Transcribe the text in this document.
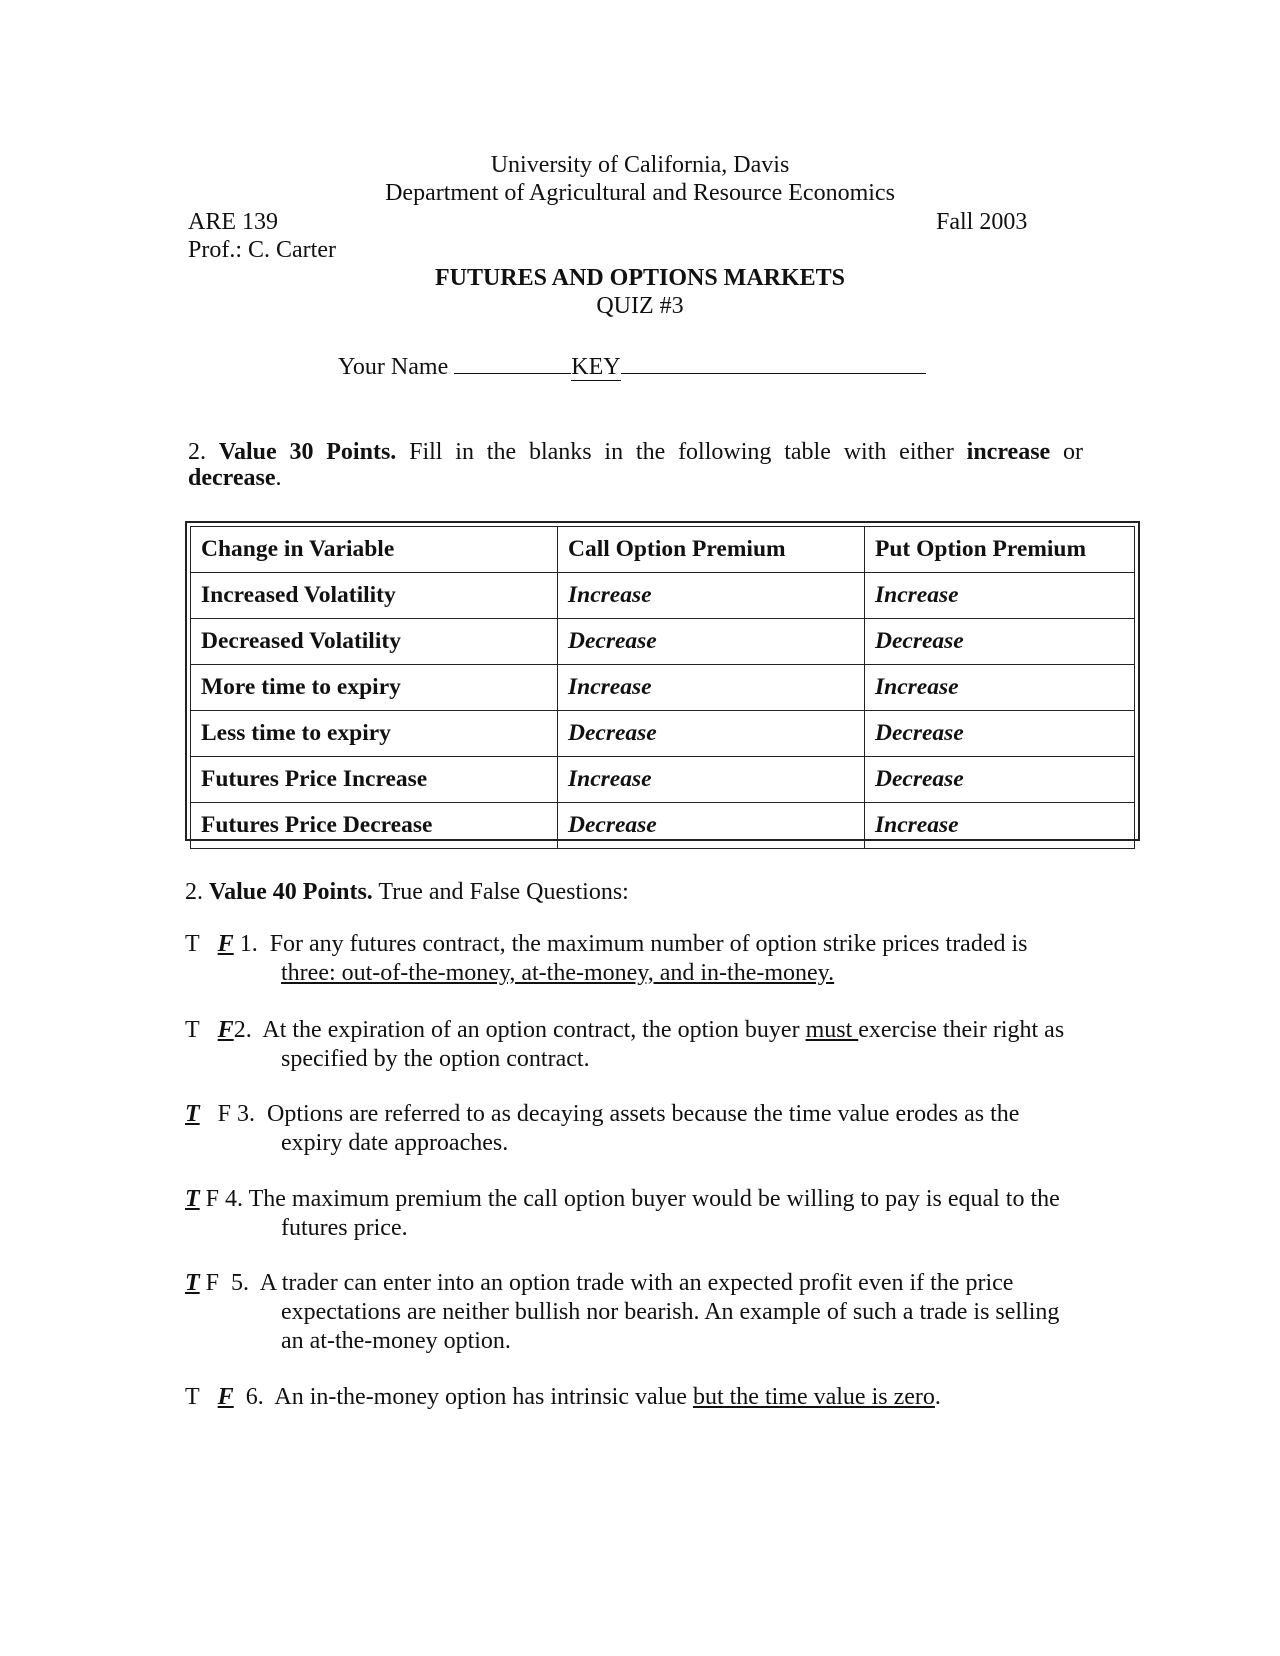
University of California, Davis
Department of Agricultural and Resource Economics
ARE 139	Fall 2003
Prof.: C. Carter
FUTURES AND OPTIONS MARKETS
QUIZ #3
Your Name	KEY
2. Value 30 Points. Fill in the blanks in the following table with either increase or
decrease.
Change in Variable	Call Option Premium	Put Option Premium
Increased Volatility	Increase	Increase
Decreased Volatility	Decrease	Decrease
More time to expiry	Increase	Increase
Less time to expiry	Decrease	Decrease
Futures Price Increase	Increase	Decrease
Futures Price Decrease	Decrease	Increase
2. Value 40 Points. True and False Questions:
T F 1. For any futures contract, the maximum number of option strike prices traded is
three: out-of-the-money, at-the-money, and in-the-money.
T F2. At the expiration of an option contract, the option buyer must exercise their right as
specified by the option contract.
T F 3. Options are referred to as decaying assets because the time value erodes as the
expiry date approaches.
T F 4. The maximum premium the call option buyer would be willing to pay is equal to the
futures price.
T F 5. A trader can enter into an option trade with an expected profit even if the price
expectations are neither bullish nor bearish. An example of such a trade is selling
an at-the-money option.
T F 6. An in-the-money option has intrinsic value but the time value is zero.
